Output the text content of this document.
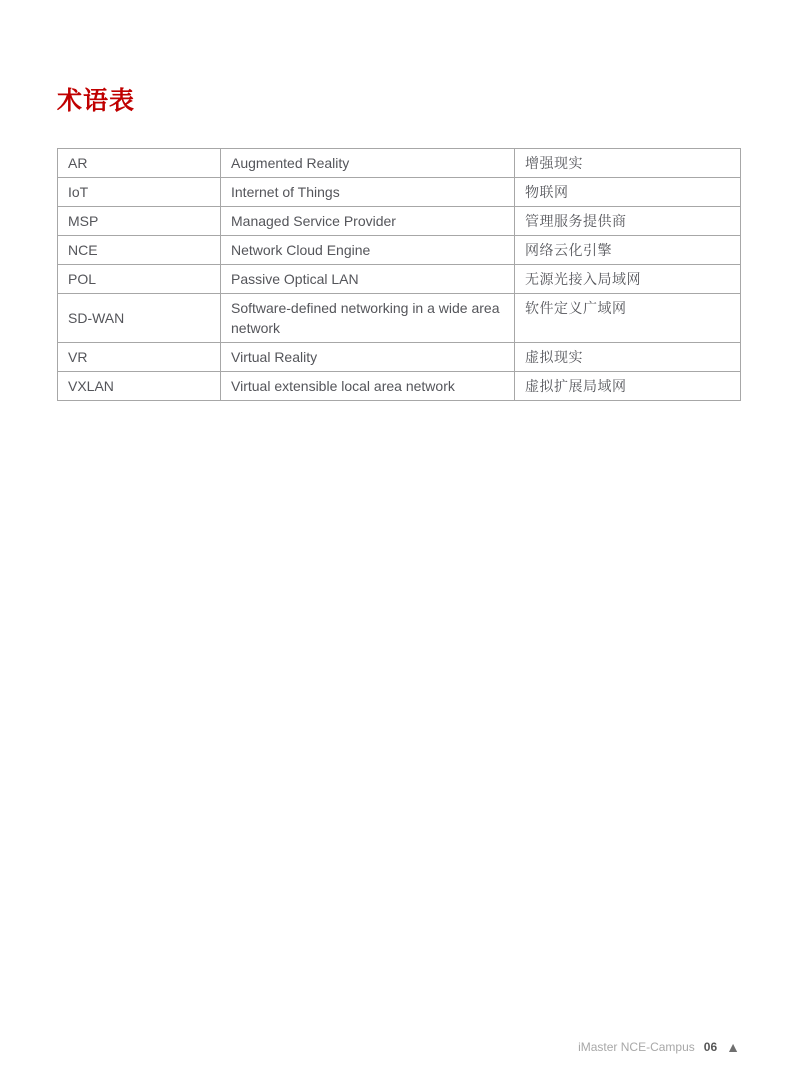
术语表
AR	Augmented Reality	增强现实
IoT	Internet of Things	物联网
MSP	Managed Service Provider	管理服务提供商
NCE	Network Cloud Engine	网络云化引擎
POL	Passive Optical LAN	无源光接入局域网
SD-WAN	Software-defined networking in a wide area network	软件定义广域网
VR	Virtual Reality	虚拟现实
VXLAN	Virtual extensible local area network	虚拟扩展局域网
iMaster NCE-Campus 06 ▲
